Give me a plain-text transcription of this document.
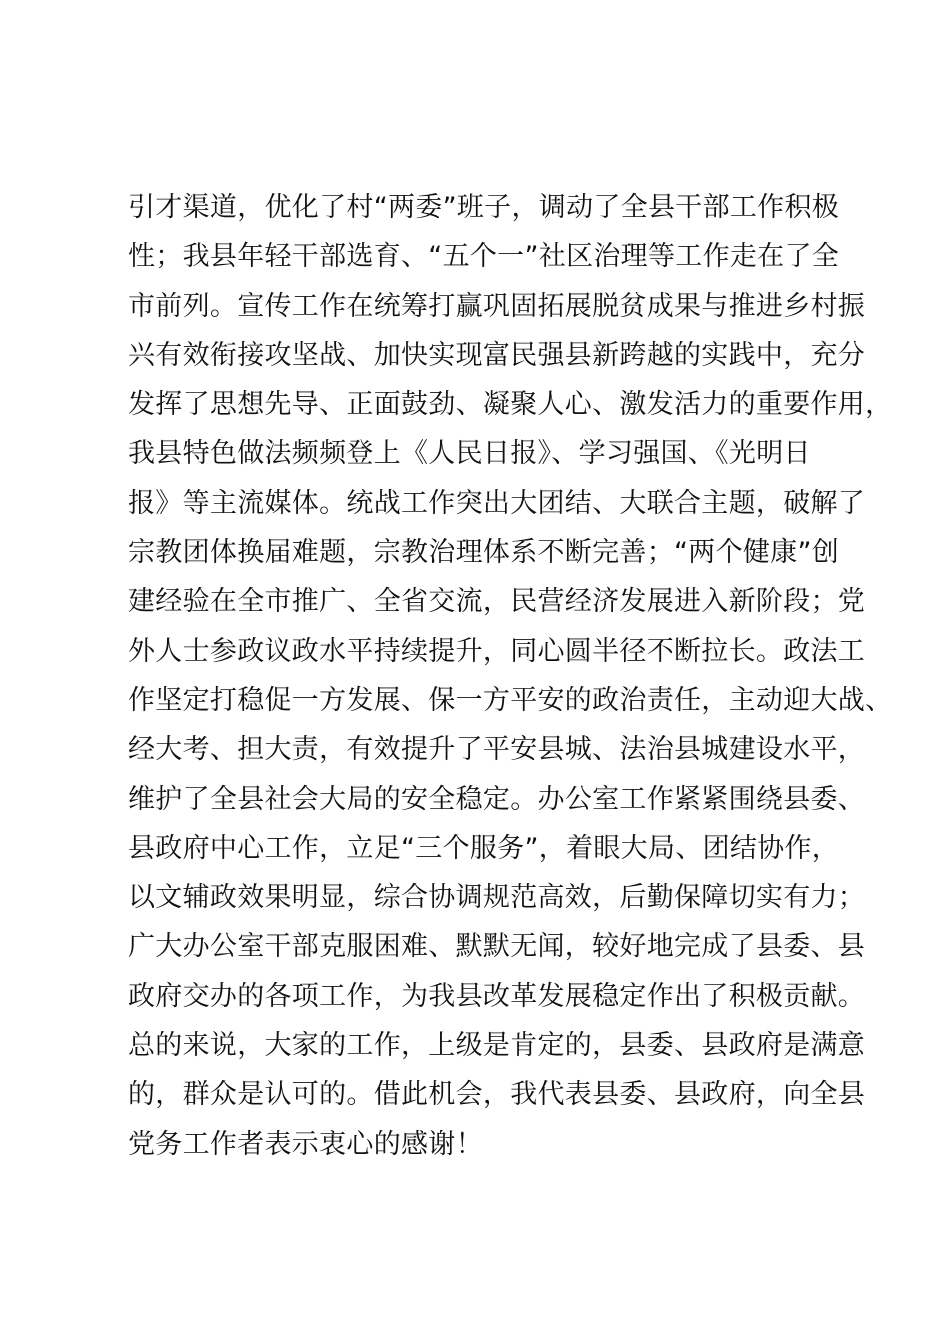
引才渠道，优化了村“两委”班子，调动了全县干部工作积极
性；我县年轻干部选育、“五个一”社区治理等工作走在了全
市前列。宣传工作在统筹打赢巩固拓展脱贫成果与推进乡村振
兴有效衔接攻坚战、加快实现富民强县新跨越的实践中，充分
发挥了思想先导、正面鼓劲、凝聚人心、激发活力的重要作用，
我县特色做法频频登上《人民日报》、学习强国、《光明日
报》等主流媒体。统战工作突出大团结、大联合主题，破解了
宗教团体换届难题，宗教治理体系不断完善；“两个健康”创
建经验在全市推广、全省交流，民营经济发展进入新阶段；党
外人士参政议政水平持续提升，同心圆半径不断拉长。政法工
作坚定打稳促一方发展、保一方平安的政治责任，主动迎大战、
经大考、担大责，有效提升了平安县城、法治县城建设水平，
维护了全县社会大局的安全稳定。办公室工作紧紧围绕县委、
县政府中心工作，立足“三个服务”，着眼大局、团结协作，
以文辅政效果明显，综合协调规范高效，后勤保障切实有力；
广大办公室干部克服困难、默默无闻，较好地完成了县委、县
政府交办的各项工作，为我县改革发展稳定作出了积极贡献。
总的来说，大家的工作，上级是肯定的，县委、县政府是满意
的，群众是认可的。借此机会，我代表县委、县政府，向全县
党务工作者表示衷心的感谢！
